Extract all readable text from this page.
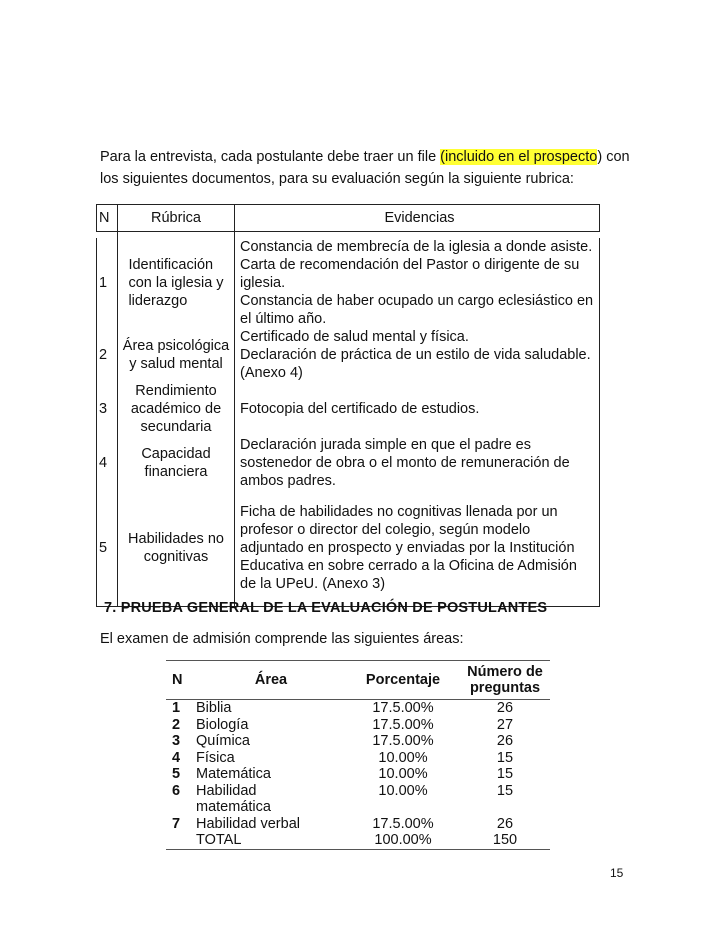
Para la entrevista, cada postulante debe traer un file (incluido en el prospecto) con
los siguientes documentos, para su evaluación según la siguiente rubrica:
N	Rúbrica	Evidencias

1	Identificación
con la iglesia y
liderazgo	Constancia de membrecía de la iglesia a donde asiste.
Carta de recomendación del Pastor o dirigente de su
iglesia.
Constancia de haber ocupado un cargo eclesiástico en
el último año.
2	Área psicológica
y salud mental	Certificado de salud mental y física.
Declaración de práctica de un estilo de vida saludable.
(Anexo 4)
3	Rendimiento
académico de
secundaria	Fotocopia del certificado de estudios.
4	Capacidad
financiera	Declaración jurada simple en que el padre es
sostenedor de obra o el monto de remuneración de
ambos padres.
5	Habilidades no
cognitivas	Ficha de habilidades no cognitivas llenada por un
profesor o director del colegio, según modelo
adjuntado en prospecto y enviadas por la Institución
Educativa en sobre cerrado a la Oficina de Admisión
de la UPeU. (Anexo 3)
7. PRUEBA GENERAL DE LA EVALUACIÓN DE POSTULANTES
El examen de admisión comprende las siguientes áreas:
N	Área	Porcentaje	Número de
preguntas
1	Biblia	17.5.00%	26
2	Biología	17.5.00%	27
3	Química	17.5.00%	26
4	Física	10.00%	15
5	Matemática	10.00%	15
6	Habilidad
matemática	10.00%	15
7	Habilidad verbal	17.5.00%	26
	TOTAL	100.00%	150
15
